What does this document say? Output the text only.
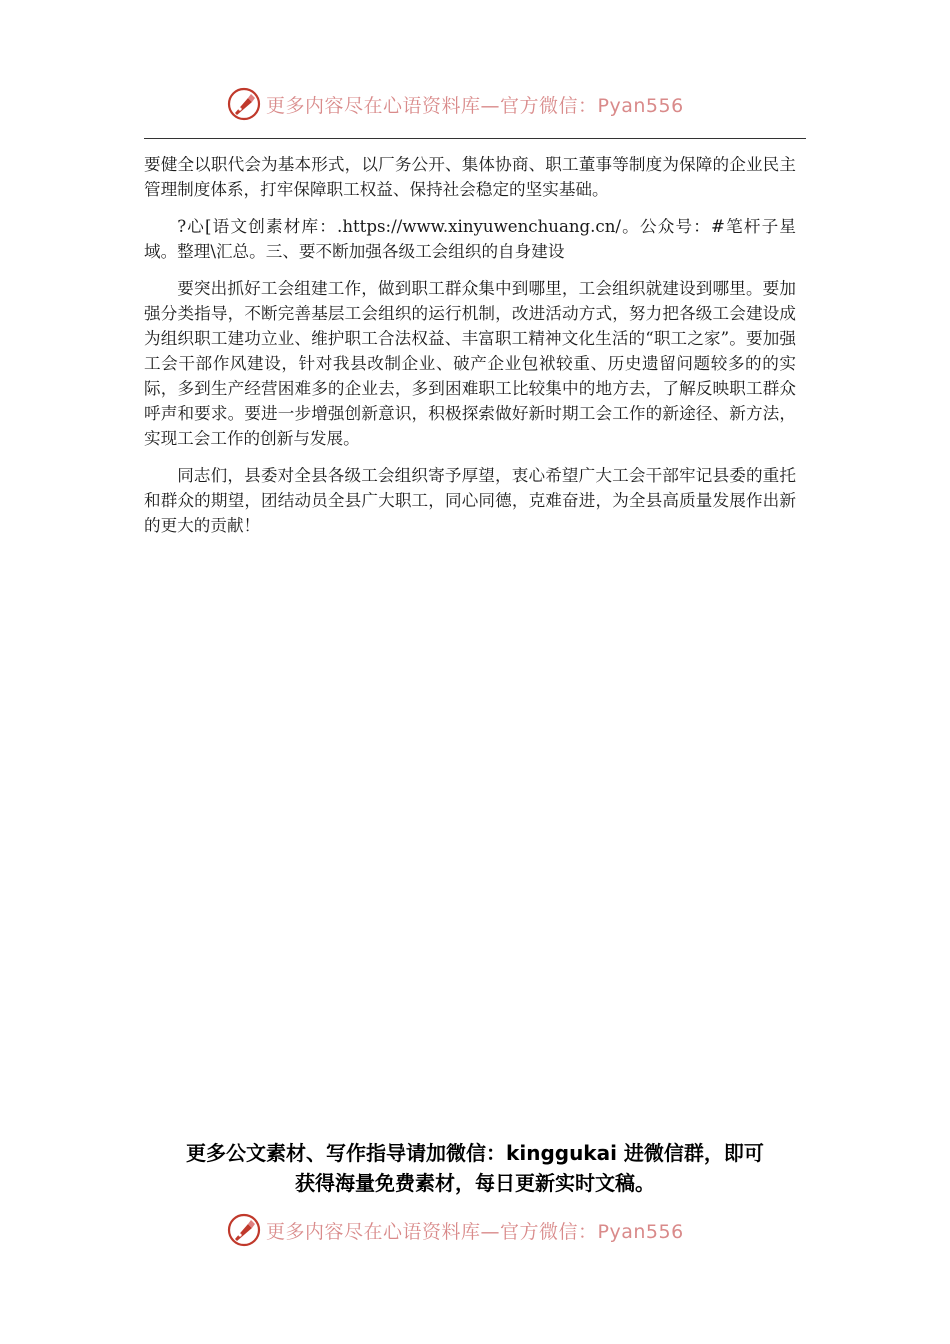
更多内容尽在心语资料库—官方微信：Pyan556

要健全以职代会为基本形式，以厂务公开、集体协商、职工董事等制度为保障的企业民主管理制度体系，打牢保障职工权益、保持社会稳定的坚实基础。

?心[语文创素材库：.https://www.xinyuwenchuang.cn/。公众号：#笔杆子星域。整理\汇总。三、要不断加强各级工会组织的自身建设

要突出抓好工会组建工作，做到职工群众集中到哪里，工会组织就建设到哪里。要加强分类指导，不断完善基层工会组织的运行机制，改进活动方式，努力把各级工会建设成为组织职工建功立业、维护职工合法权益、丰富职工精神文化生活的“职工之家”。要加强工会干部作风建设，针对我县改制企业、破产企业包袱较重、历史遗留问题较多的的实际，多到生产经营困难多的企业去，多到困难职工比较集中的地方去，了解反映职工群众呼声和要求。要进一步增强创新意识，积极探索做好新时期工会工作的新途径、新方法，实现工会工作的创新与发展。

同志们，县委对全县各级工会组织寄予厚望，衷心希望广大工会干部牢记县委的重托和群众的期望，团结动员全县广大职工，同心同德，克难奋进，为全县高质量发展作出新的更大的贡献！

更多公文素材、写作指导请加微信：kinggukai 进微信群，即可
获得海量免费素材，每日更新实时文稿。
更多内容尽在心语资料库—官方微信：Pyan556
